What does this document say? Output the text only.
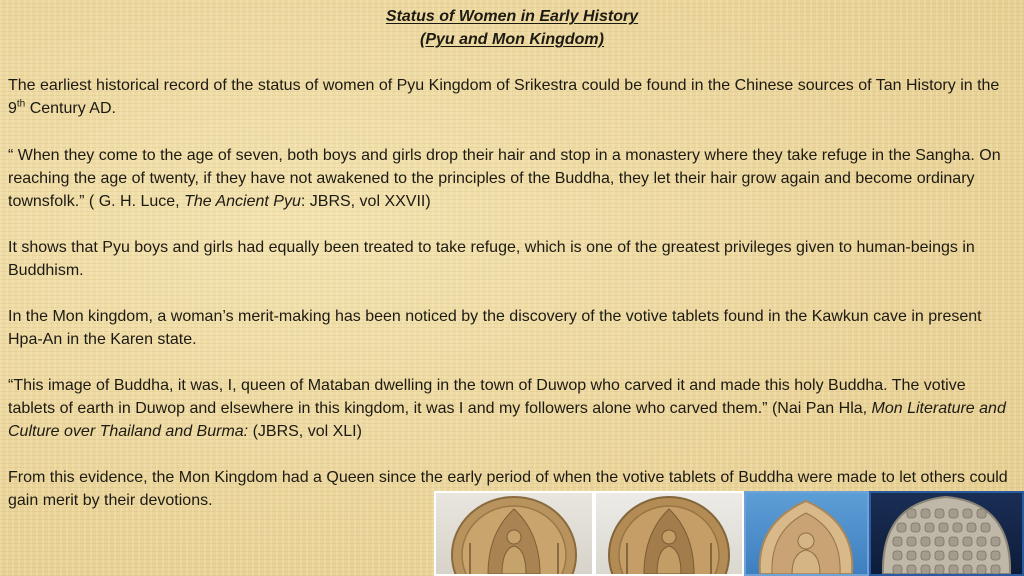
Status of Women in Early History
(Pyu and Mon Kingdom)

The earliest historical record of the status of women of Pyu Kingdom of Srikestra could be found in the Chinese sources of Tan History in the 9th Century AD.

“ When they come to the age of seven, both boys and girls drop their hair and stop in a monastery where they take refuge in the Sangha. On reaching the age of twenty, if they have not awakened to the principles of the Buddha, they let their hair grow again and become ordinary townsfolk.” ( G. H. Luce, The Ancient Pyu: JBRS, vol XXVII)

It shows that Pyu boys and girls had equally been treated to take refuge, which is one of the greatest privileges given to human-beings in Buddhism.

In the Mon kingdom, a woman’s merit-making has been noticed by the discovery of the votive tablets found in the Kawkun cave in present Hpa-An in the Karen state.

“This image of Buddha, it was, I, queen of Mataban dwelling in the town of Duwop who carved it and made this holy Buddha. The votive tablets of earth in Duwop and elsewhere in this kingdom, it was I and my followers alone who carved them.” (Nai Pan Hla, Mon Literature and Culture over Thailand and Burma: (JBRS, vol XLI)

From this evidence, the Mon Kingdom had a Queen since the early period of when the votive tablets of Buddha were made to let others could gain merit by their devotions.
